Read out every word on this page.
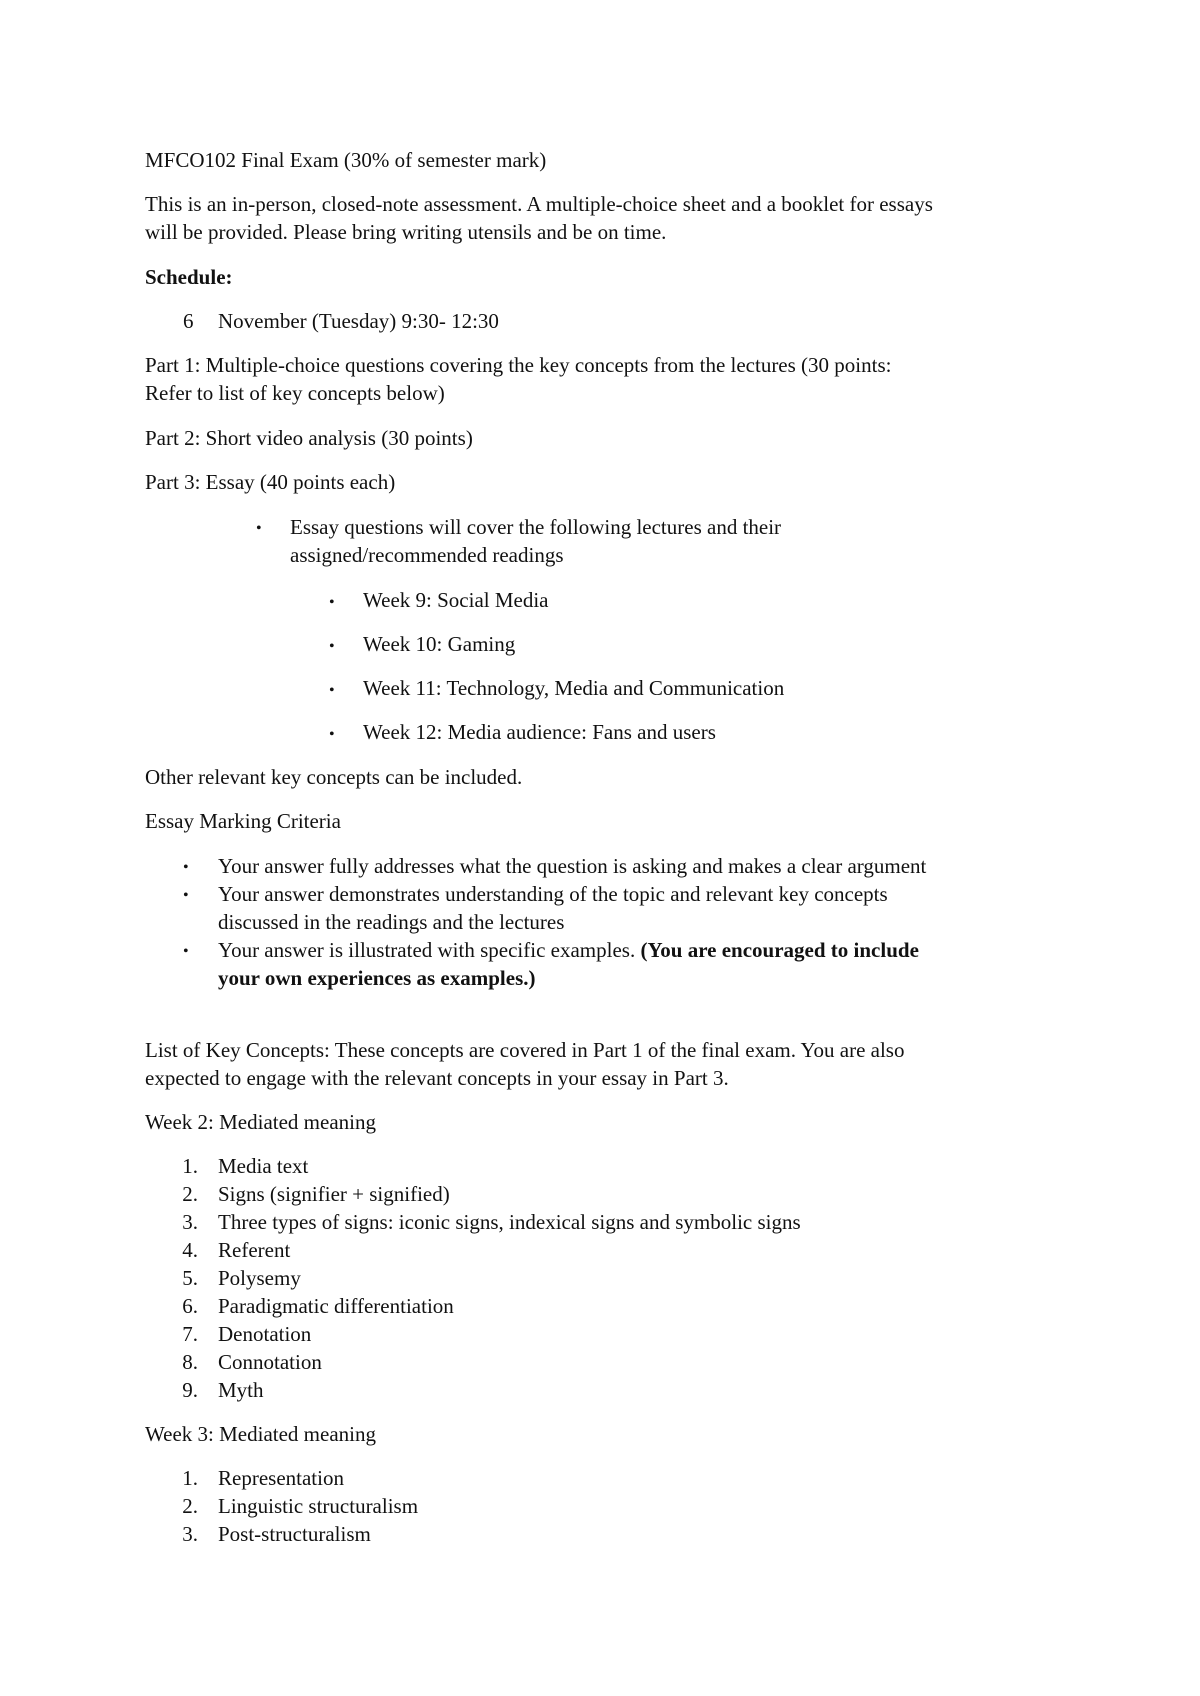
MFCO102 Final Exam (30% of semester mark)
This is an in-person, closed-note assessment. A multiple-choice sheet and a booklet for essays
will be provided. Please bring writing utensils and be on time.
Schedule:
6 November (Tuesday) 9:30- 12:30
Part 1: Multiple-choice questions covering the key concepts from the lectures (30 points:
Refer to list of key concepts below)
Part 2: Short video analysis (30 points)
Part 3: Essay (40 points each)
• Essay questions will cover the following lectures and their
assigned/recommended readings
• Week 9: Social Media
• Week 10: Gaming
• Week 11: Technology, Media and Communication
• Week 12: Media audience: Fans and users
Other relevant key concepts can be included.
Essay Marking Criteria
• Your answer fully addresses what the question is asking and makes a clear argument
• Your answer demonstrates understanding of the topic and relevant key concepts
discussed in the readings and the lectures
• Your answer is illustrated with specific examples. (You are encouraged to include
your own experiences as examples.)
List of Key Concepts: These concepts are covered in Part 1 of the final exam. You are also
expected to engage with the relevant concepts in your essay in Part 3.
Week 2: Mediated meaning
1. Media text
2. Signs (signifier + signified)
3. Three types of signs: iconic signs, indexical signs and symbolic signs
4. Referent
5. Polysemy
6. Paradigmatic differentiation
7. Denotation
8. Connotation
9. Myth
Week 3: Mediated meaning
1. Representation
2. Linguistic structuralism
3. Post-structuralism
